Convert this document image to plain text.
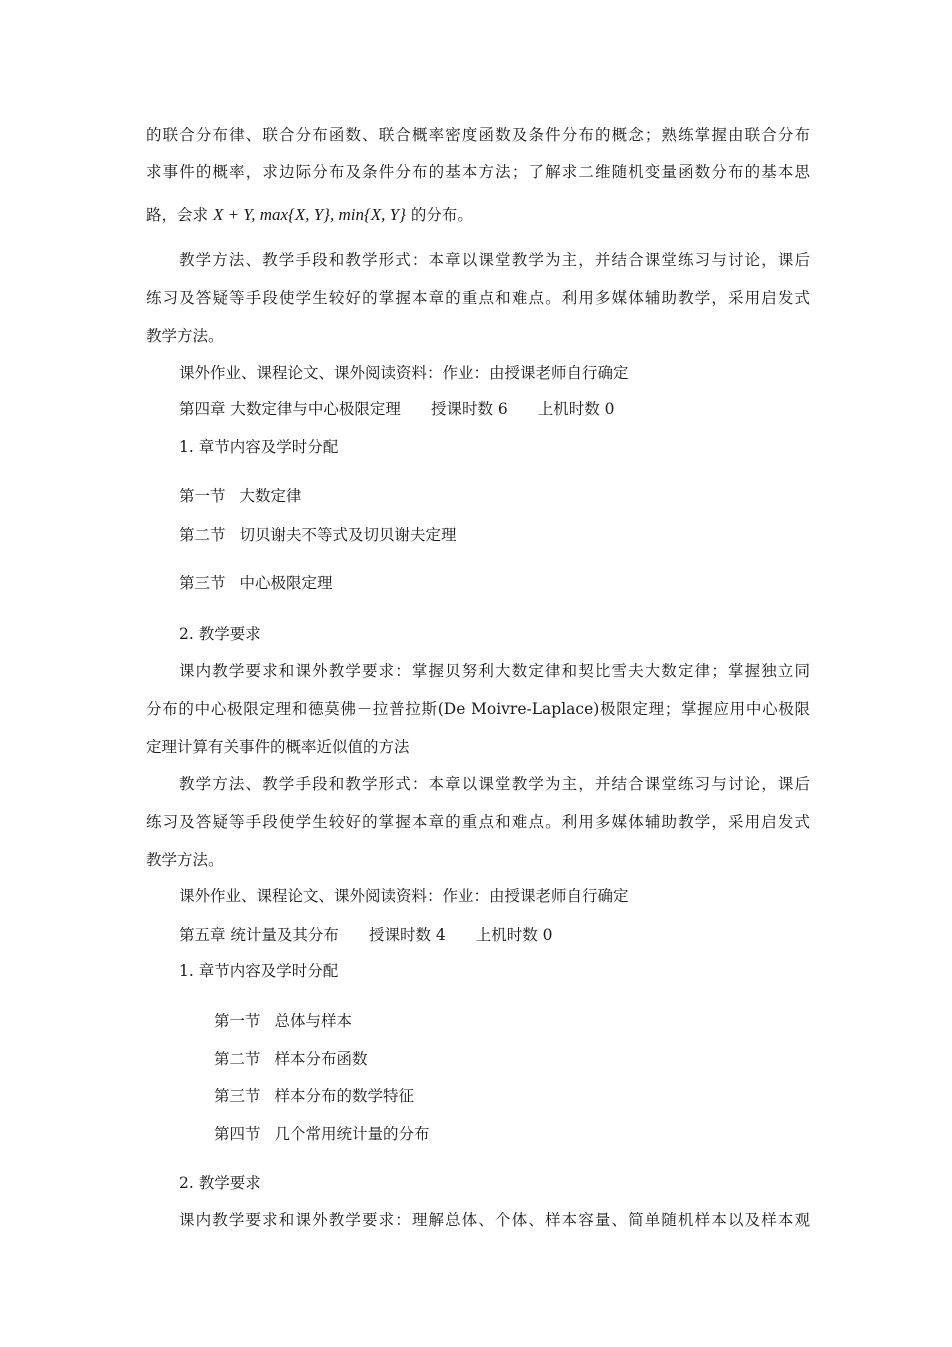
的联合分布律、联合分布函数、联合概率密度函数及条件分布的概念；熟练掌握由联合分布
求事件的概率，求边际分布及条件分布的基本方法；了解求二维随机变量函数分布的基本思
路，会求 X + Y, max{X, Y}, min{X, Y} 的分布。
教学方法、教学手段和教学形式：本章以课堂教学为主，并结合课堂练习与讨论，课后
练习及答疑等手段使学生较好的掌握本章的重点和难点。利用多媒体辅助教学，采用启发式
教学方法。
课外作业、课程论文、课外阅读资料：作业：由授课老师自行确定
第四章 大数定律与中心极限定理 授课时数 6 上机时数 0
1. 章节内容及学时分配
第一节 大数定律
第二节 切贝谢夫不等式及切贝谢夫定理
第三节 中心极限定理
2. 教学要求
课内教学要求和课外教学要求：掌握贝努利大数定律和契比雪夫大数定律；掌握独立同
分布的中心极限定理和德莫佛－拉普拉斯(De Moivre-Laplace)极限定理；掌握应用中心极限
定理计算有关事件的概率近似值的方法
教学方法、教学手段和教学形式：本章以课堂教学为主，并结合课堂练习与讨论，课后
练习及答疑等手段使学生较好的掌握本章的重点和难点。利用多媒体辅助教学，采用启发式
教学方法。
课外作业、课程论文、课外阅读资料：作业：由授课老师自行确定
第五章 统计量及其分布 授课时数 4 上机时数 0
1. 章节内容及学时分配
第一节 总体与样本
第二节 样本分布函数
第三节 样本分布的数学特征
第四节 几个常用统计量的分布
2. 教学要求
课内教学要求和课外教学要求：理解总体、个体、样本容量、简单随机样本以及样本观
